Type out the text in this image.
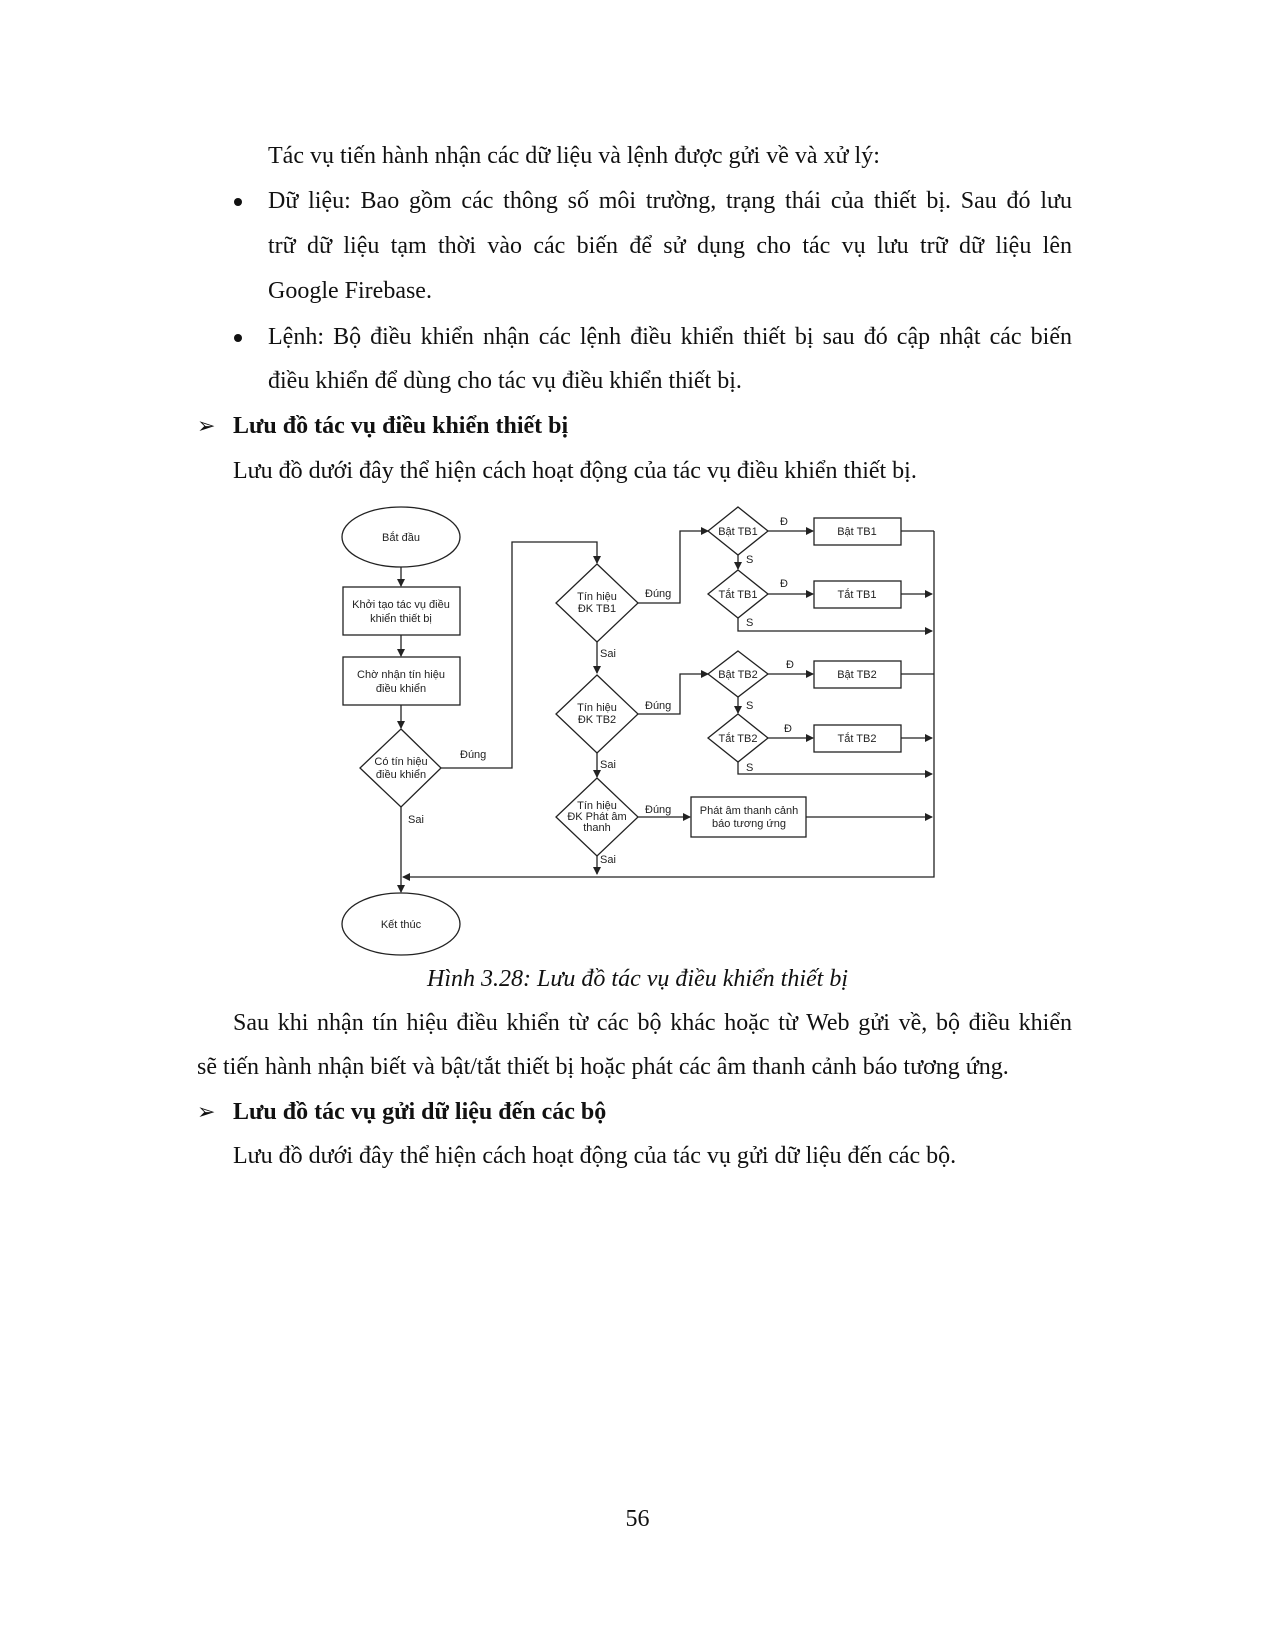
Tác vụ tiến hành nhận các dữ liệu và lệnh được gửi về và xử lý:

Dữ liệu: Bao gồm các thông số môi trường, trạng thái của thiết bị. Sau đó lưu

trữ dữ liệu tạm thời vào các biến để sử dụng cho tác vụ lưu trữ dữ liệu lên

Google Firebase.

Lệnh: Bộ điều khiển nhận các lệnh điều khiển thiết bị sau đó cập nhật các biến

điều khiển để dùng cho tác vụ điều khiển thiết bị.

➢ Lưu đồ tác vụ điều khiển thiết bị

Lưu đồ dưới đây thể hiện cách hoạt động của tác vụ điều khiển thiết bị.

Bắt đầu
Khởi tạo tác vụ điều
khiển thiết bị
Chờ nhận tín hiệu
điều khiển
Có tín hiệu
điều khiển
Sai
Kết thúc
Đúng
Tín hiệu
ĐK TB1
Đúng
Sai
Tín hiệu
ĐK TB2
Đúng
Sai
Tín hiệu
ĐK Phát âm
thanh
Đúng
Sai
Bật TB1
Đ
Bật TB1
S
Tắt TB1
Đ
Tắt TB1
S
Bật TB2
Đ
Bật TB2
S
Tắt TB2
Đ
Tắt TB2
S
Phát âm thanh cảnh
báo tương ứng

Hình 3.28: Lưu đồ tác vụ điều khiển thiết bị

Sau khi nhận tín hiệu điều khiển từ các bộ khác hoặc từ Web gửi về, bộ điều khiển

sẽ tiến hành nhận biết và bật/tắt thiết bị hoặc phát các âm thanh cảnh báo tương ứng.

➢ Lưu đồ tác vụ gửi dữ liệu đến các bộ

Lưu đồ dưới đây thể hiện cách hoạt động của tác vụ gửi dữ liệu đến các bộ.

56
